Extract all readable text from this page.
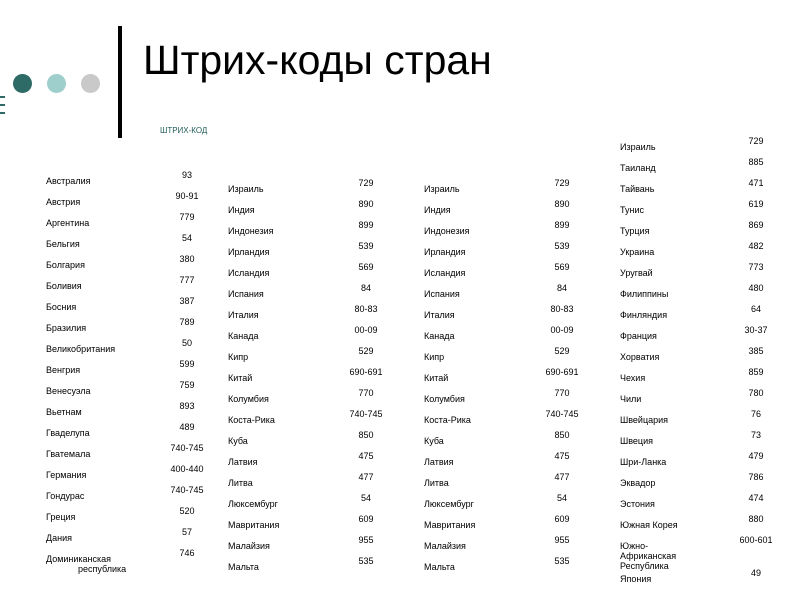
Штрих-коды стран
ШТРИХ-КОД
Австралия
93
Австрия
90-91
Аргентина
779
Бельгия
54
Болгария
380
Боливия
777
Босния
387
Бразилия
789
Великобритания
50
Венгрия
599
Венесуэла
759
Вьетнам
893
Гваделупа
489
Гватемала
740-745
Германия
400-440
Гондурас
740-745
Греция
520
Дания
57
Доминиканская
республика
746
Израиль
729
Индия
890
Индонезия
899
Ирландия
539
Исландия
569
Испания
84
Италия
80-83
Канада
00-09
Кипр
529
Китай
690-691
Колумбия
770
Коста-Рика
740-745
Куба
850
Латвия
475
Литва
477
Люксембург
54
Мавритания
609
Малайзия
955
Мальта
535
Израиль
729
Индия
890
Индонезия
899
Ирландия
539
Исландия
569
Испания
84
Италия
80-83
Канада
00-09
Кипр
529
Китай
690-691
Колумбия
770
Коста-Рика
740-745
Куба
850
Латвия
475
Литва
477
Люксембург
54
Мавритания
609
Малайзия
955
Мальта
535
Израиль
729
Таиланд
885
Тайвань
471
Тунис
619
Турция
869
Украина
482
Уругвай
773
Филиппины
480
Финляндия
64
Франция
30-37
Хорватия
385
Чехия
859
Чили
780
Швейцария
76
Швеция
73
Шри-Ланка
479
Эквадор
786
Эстония
474
Южная Корея
880
Южно-
Африканская
Республика
600-601
Япония
49
